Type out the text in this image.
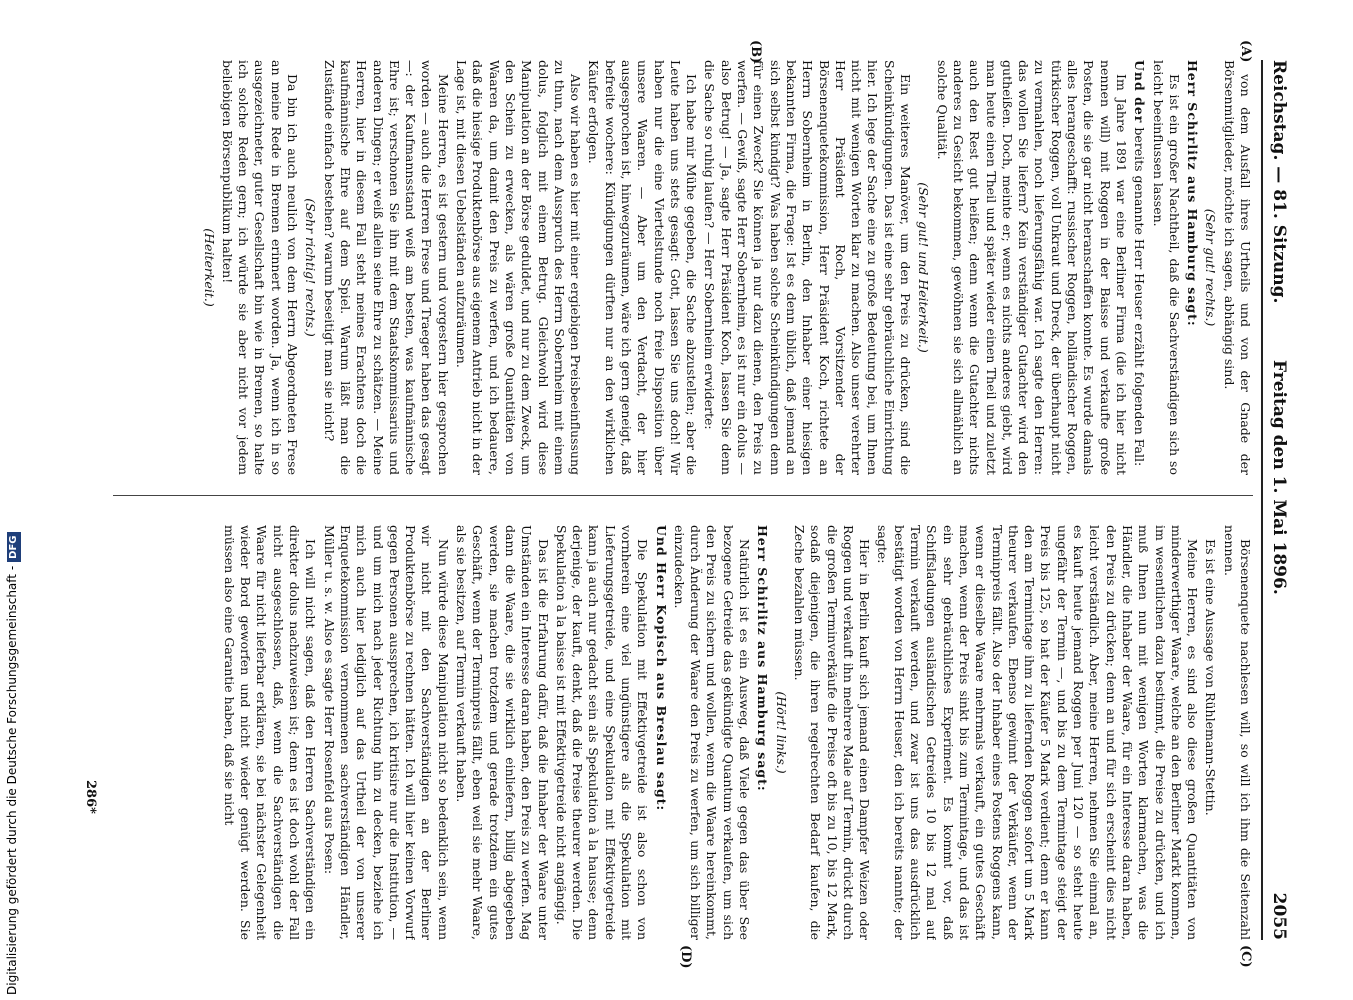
Reichstag. — 81. Sitzung.
Freitag den 1. Mai 1896.
2055
(A)
(B)
(C)
(D)

von dem Ausfall ihres Urtheils und von der Gnade der Börsenmitglieder, möchte ich sagen, abhängig sind.

(Sehr gut! rechts.)

Herr Schirlitz aus Hamburg sagt:

Es ist ein großer Nachtheil, daß die Sachverständigen sich so leicht beeinflussen lassen.

Und der bereits genannte Herr Heuser erzählt folgenden Fall:

Im Jahre 1891 war eine Berliner Firma (die ich hier nicht nennen will) mit Roggen in der Baisse und verkaufte große Posten, die sie gar nicht heranschaffen konnte. Es wurde damals alles herangeschafft: russischer Roggen, holländischer Roggen, türkischer Roggen, voll Unkraut und Dreck, der überhaupt nicht zu vermahlen, noch lieferungsfähig war. Ich sagte den Herren: das wollen Sie liefern? Kein verständiger Gutachter wird den gutheißen. Doch, meinte er; wenn es nichts anderes giebt, wird man heute einen Theil und später wieder einen Theil und zuletzt auch den Rest gut heißen; denn wenn die Gutachter nichts anderes zu Gesicht bekommen, gewöhnen sie sich allmählich an solche Qualität.

(Sehr gut! und Heiterkeit.)

Ein weiteres Manöver, um den Preis zu drücken, sind die Scheinkündigungen. Das ist eine sehr gebräuchliche Einrichtung hier. Ich lege der Sache eine zu große Bedeutung bei, um Ihnen nicht mit wenigen Worten klar zu machen. Also unser verehrter Herr Präsident Roch, Vorsitzender der Börsenenquetekommission, Herr Präsident Koch, richtete an Herrn Sobernheim in Berlin, den Inhaber einer hiesigen bekannten Firma, die Frage: Ist es denn üblich, daß jemand an sich selbst kündigt? Was haben solche Scheinkündigungen denn für einen Zweck? Sie können ja nur dazu dienen, den Preis zu werfen. — Gewiß, sagte Herr Sobernheim, es ist nur ein dolus — also Betrug! — Ja, sagte Herr Präsident Koch, lassen Sie denn die Sache so ruhig laufen? — Herr Sobernheim erwiderte:

Ich habe mir Mühe gegeben, die Sache abzustellen; aber die Leute haben uns stets gesagt: Gott, lassen Sie uns doch! Wir haben nur die eine Viertelstunde noch freie Disposition über unsere Waaren. — Aber um den Verdacht, der hier ausgesprochen ist, hinwegzuräumen, wäre ich gern geneigt, daß befreite wochere: Kündigungen dürften nur an den wirklichen Käufer erfolgen.

Also wir haben es hier mit einer ergiebigen Preisbeeinflussung zu thun, nach dem Ausspruch des Herrn Sobernheim mit einem dolus, folglich mit einem Betrug. Gleichwohl wird diese Manipulation an der Börse geduldet, und nur zu dem Zweck, um den Schein zu erwecken, als wären große Quantitäten von Waaren da, um damit den Preis zu werfen, und ich bedauere, daß die hiesige Produktenbörse aus eigenem Antrieb nicht in der Lage ist, mit diesen Uebelständen aufzuräumen.

Meine Herren, es ist gestern und vorgestern hier gesprochen worden — auch die Herren Frese und Traeger haben das gesagt —: der Kaufmannsstand weiß am besten, was kaufmännische Ehre ist; verschonen Sie ihn mit dem Staatskommissarius und anderen Dingen; er weiß allein seine Ehre zu schätzen. — Meine Herren, hier in diesem Fall steht meines Erachtens doch die kaufmännische Ehre auf dem Spiel. Warum läßt man die Zustände einfach bestehen? warum beseitigt man sie nicht?

(Sehr richtig! rechts.)

Da bin ich auch neulich von dem Herrn Abgeordneten Frese an meine Rede in Bremen erinnert worden. Ja, wenn ich in so ausgezeichneter, guter Gesellschaft bin wie in Bremen, so halte ich solche Reden gern; ich würde sie aber nicht vor jedem beliebigen Börsenpublikum halten!

(Heiterkeit.)

Börsenenquete nachlesen will, so will ich ihm die Seitenzahl nennen.

Es ist eine Aussage von Rühlemann-Stettin.

Meine Herren, es sind also diese großen Quantitäten von minderwerthiger Waare, welche an den Berliner Markt kommen, im wesentlichen dazu bestimmt, die Preise zu drücken, und ich muß Ihnen nun mit wenigen Worten klarmachen, was die Händler, die Inhaber der Waare, für ein Interesse daran haben, den Preis zu drücken; denn an und für sich erscheint dies nicht leicht verständlich. Aber, meine Herren, nehmen Sie einmal an, es kauft heute jemand Roggen per Juni 120 — so steht heute ungefähr der Termin —, und bis zu dem Termintage steigt der Preis bis 125, so hat der Käufer 5 Mark verdient; denn er kann den am Termintage ihm zu liefernden Roggen sofort um 5 Mark theurer verkaufen. Ebenso gewinnt der Verkäufer, wenn der Terminpreis fällt. Also der Inhaber eines Postens Roggens kann, wenn er dieselbe Waare mehrmals verkauft, ein gutes Geschäft machen, wenn der Preis sinkt bis zum Termintage, und das ist ein sehr gebräuchliches Experiment. Es kommt vor, daß Schiffsladungen ausländischen Getreides 10 bis 12 mal auf Termin verkauft werden, und zwar ist uns das ausdrücklich bestätigt worden von Herrn Heuser, den ich bereits nannte; der sagte:

Hier in Berlin kauft sich jemand einen Dampfer Weizen oder Roggen und verkauft ihn mehrere Male auf Termin, drückt durch die großen Terminverkäufe die Preise oft bis zu 10, bis 12 Mark, sodaß diejenigen, die ihren regelrechten Bedarf kaufen, die Zeche bezahlen müssen.

(Hört! links.)

Herr Schirlitz aus Hamburg sagt:

Natürlich ist es ein Ausweg, daß Viele gegen das über See bezogene Getreide das gekündigte Quantum verkaufen, um sich den Preis zu sichern und wollen, wenn die Waare hereinkommt, durch Änderung der Waare den Preis zu werfen, um sich billiger einzudecken.

Und Herr Kopisch aus Breslau sagt:

Die Spekulation mit Effektivgetreide ist also schon von vornherein eine viel ungünstigere als die Spekulation mit Lieferungsgetreide, und eine Spekulation mit Effektivgetreide kann ja auch nur gedacht sein als Spekulation à la hausse; denn derjenige, der kauft, denkt, daß die Preise theurer werden. Die Spekulation à la baisse ist mit Effektivgetreide nicht angängig.

Das ist die Erfahrung dafür, daß die Inhaber der Waare unter Umständen ein Interesse daran haben, den Preis zu werfen. Mag dann die Waare, die sie wirklich einliefern, billig abgegeben werden, sie machen trotzdem und gerade trotzdem ein gutes Geschäft, wenn der Terminpreis fällt, eben weil sie mehr Waare, als sie besitzen, auf Termin verkauft haben.

Nun würde diese Manipulation nicht so bedenklich sein, wenn wir nicht mit den Sachverständigen an der Berliner Produktenbörse zu rechnen hätten. Ich will hier keinen Vorwurf gegen Personen aussprechen, ich kritisire nur die Institution, — und um mich nach jeder Richtung hin zu decken, beziehe ich mich auch hier lediglich auf das Urtheil der von unserer Enquetekommission vernommenen sachverständigen Händler, Müller u. s. w. Also es sagte Herr Rosenfeld aus Posen:

Ich will nicht sagen, daß den Herren Sachverständigen ein direkter dolus nachzuweisen ist; denn es ist doch wohl der Fall nicht ausgeschlossen, daß, wenn die Sachverständigen die Waare für nicht lieferbar erklären, sie bei nächster Gelegenheit wieder Bord geworfen und nicht wieder genügt werden. Sie müssen also eine Garantie haben, daß sie nicht

286*
Digitalisierung gefördert durch die Deutsche Forschungsgemeinschaft -DFG
